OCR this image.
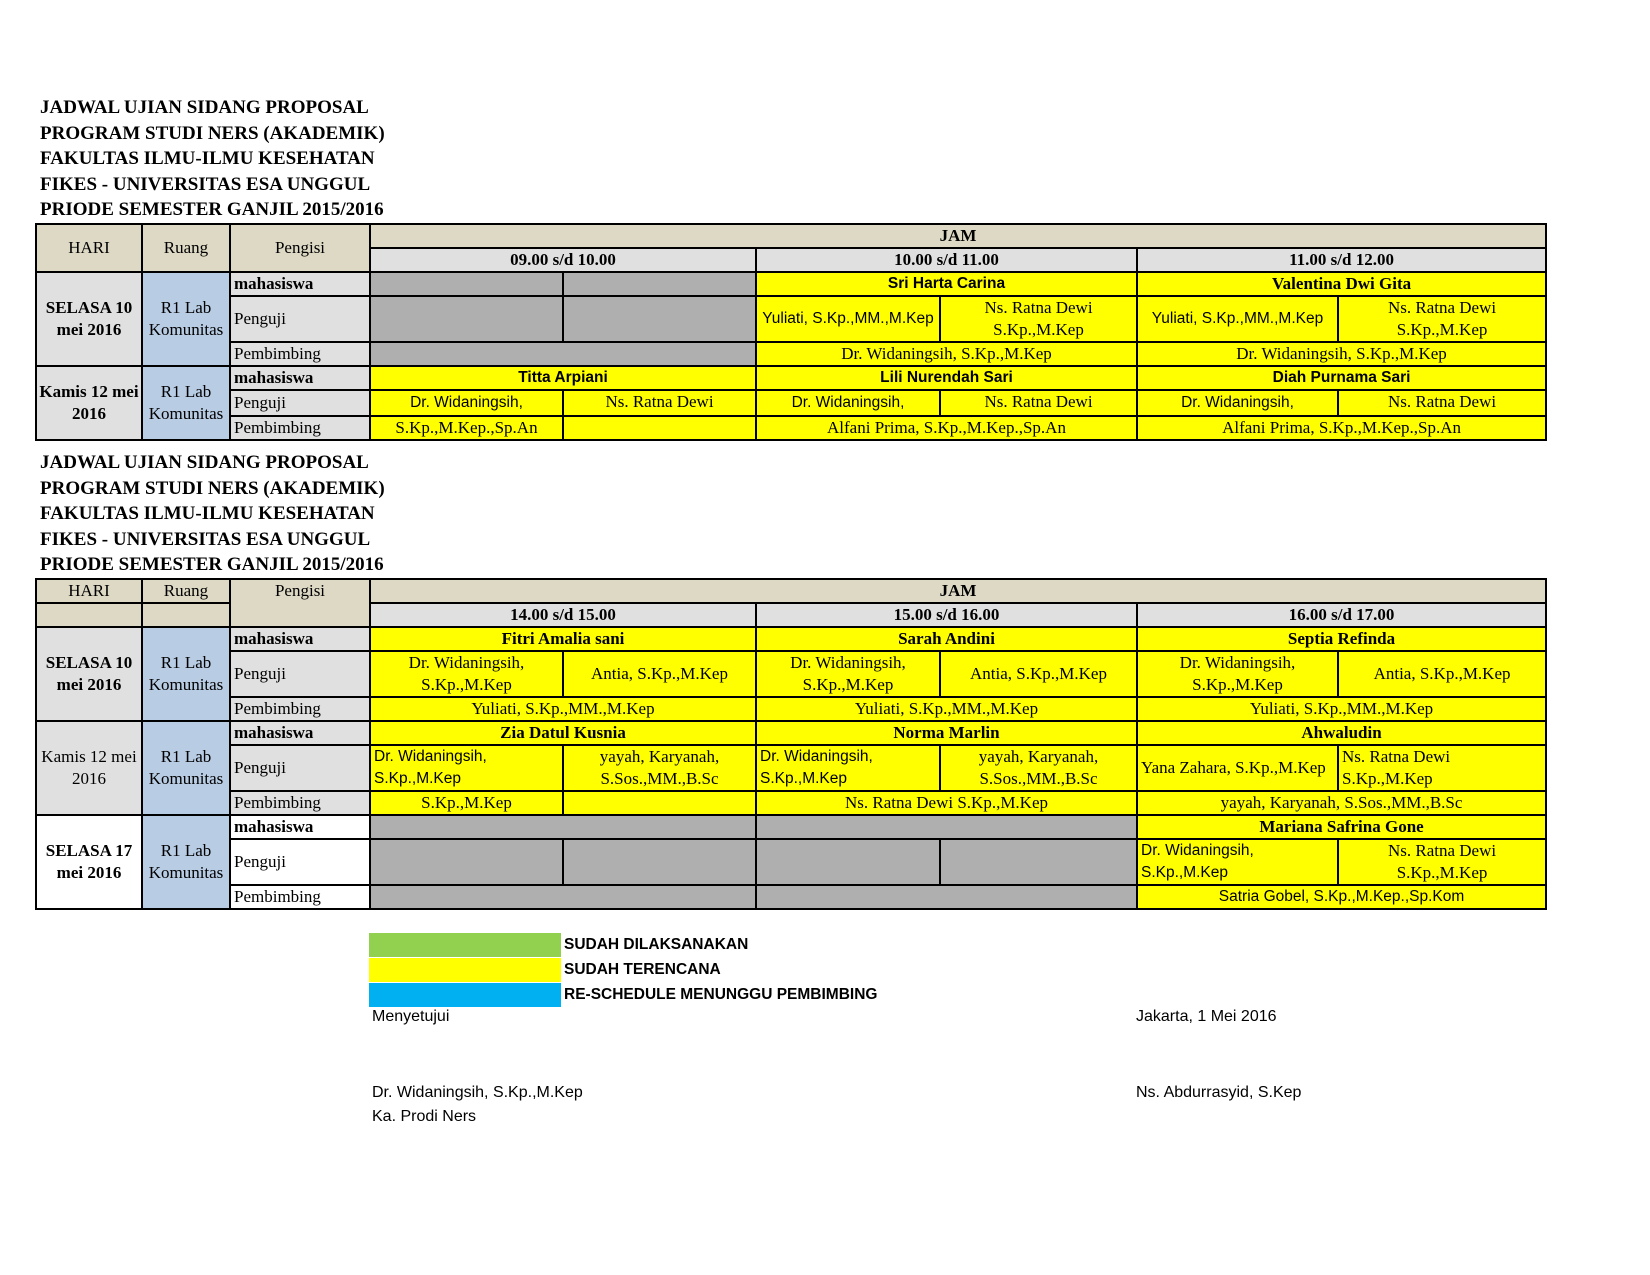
JADWAL UJIAN SIDANG PROPOSAL
PROGRAM STUDI NERS (AKADEMIK)
FAKULTAS ILMU-ILMU KESEHATAN
FIKES - UNIVERSITAS ESA UNGGUL
PRIODE SEMESTER GANJIL 2015/2016
HARI	Ruang	Pengisi	JAM					
			09.00 s/d 10.00		10.00 s/d 11.00		11.00 s/d 12.00	
SELASA 10 mei 2016	R1 Lab Komunitas	mahasiswa			Sri Harta Carina		Valentina Dwi Gita	
		Penguji			Yuliati, S.Kp.,MM.,M.Kep	Ns. Ratna Dewi S.Kp.,M.Kep	Yuliati, S.Kp.,MM.,M.Kep	Ns. Ratna Dewi S.Kp.,M.Kep
		Pembimbing			Dr. Widaningsih, S.Kp.,M.Kep		Dr. Widaningsih, S.Kp.,M.Kep	
Kamis 12 mei 2016	R1 Lab Komunitas	mahasiswa	Titta Arpiani		Lili Nurendah Sari		Diah Purnama Sari	
		Penguji	Dr. Widaningsih,	Ns. Ratna Dewi	Dr. Widaningsih,	Ns. Ratna Dewi	Dr. Widaningsih,	Ns. Ratna Dewi

		Pembimbing	S.Kp.,M.Kep.,Sp.An		Alfani Prima, S.Kp.,M.Kep.,Sp.An		Alfani Prima, S.Kp.,M.Kep.,Sp.An	
JADWAL UJIAN SIDANG PROPOSAL
PROGRAM STUDI NERS (AKADEMIK)
FAKULTAS ILMU-ILMU KESEHATAN
FIKES - UNIVERSITAS ESA UNGGUL
PRIODE SEMESTER GANJIL 2015/2016
HARI	Ruang	Pengisi	JAM					
			14.00 s/d 15.00		15.00 s/d 16.00		16.00 s/d 17.00	
SELASA 10 mei 2016	R1 Lab Komunitas	mahasiswa	Fitri Amalia sani		Sarah Andini		Septia Refinda	
		Penguji	Dr. Widaningsih, S.Kp.,M.Kep	Antia, S.Kp.,M.Kep	Dr. Widaningsih, S.Kp.,M.Kep	Antia, S.Kp.,M.Kep	Dr. Widaningsih, S.Kp.,M.Kep	Antia, S.Kp.,M.Kep
		Pembimbing	Yuliati, S.Kp.,MM.,M.Kep		Yuliati, S.Kp.,MM.,M.Kep		Yuliati, S.Kp.,MM.,M.Kep	
Kamis 12 mei 2016	R1 Lab Komunitas	mahasiswa	Zia Datul Kusnia		Norma Marlin		Ahwaludin	
		Penguji	Dr. Widaningsih, S.Kp.,M.Kep	yayah, Karyanah, S.Sos.,MM.,B.Sc	Dr. Widaningsih, S.Kp.,M.Kep	yayah, Karyanah, S.Sos.,MM.,B.Sc	Yana Zahara, S.Kp.,M.Kep	Ns. Ratna Dewi S.Kp.,M.Kep
		Pembimbing	S.Kp.,M.Kep		Ns. Ratna Dewi S.Kp.,M.Kep		yayah, Karyanah, S.Sos.,MM.,B.Sc	
SELASA 17 mei 2016	R1 Lab Komunitas	mahasiswa					Mariana Safrina Gone	
		Penguji					Dr. Widaningsih, S.Kp.,M.Kep	Ns. Ratna Dewi S.Kp.,M.Kep
		Pembimbing					Satria Gobel, S.Kp.,M.Kep.,Sp.Kom	
SUDAH DILAKSANAKAN
SUDAH TERENCANA
RE-SCHEDULE MENUNGGU PEMBIMBING
Menyetujui
Dr. Widaningsih, S.Kp.,M.Kep
Ka. Prodi Ners
Jakarta, 1 Mei 2016
Ns. Abdurrasyid, S.Kep
